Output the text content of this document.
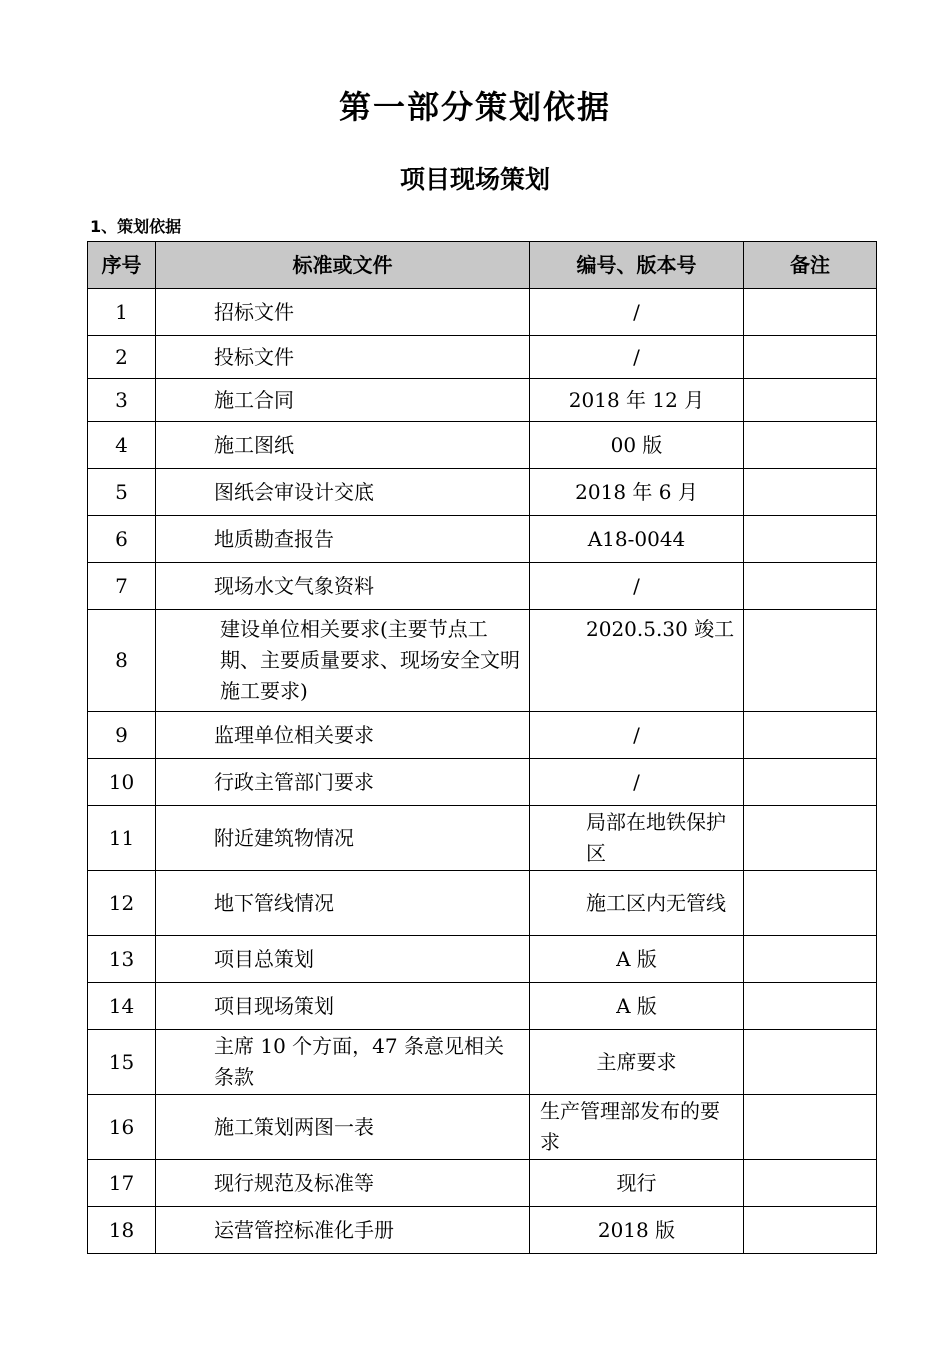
第一部分策划依据
项目现场策划
1、策划依据
序号	标准或文件	编号、版本号	备注
1	招标文件	/	
2	投标文件	/	
3	施工合同	2018 年 12 月	
4	施工图纸	00 版	
5	图纸会审设计交底	2018 年 6 月	
6	地质勘查报告	A18-0044	
7	现场水文气象资料	/	
8	建设单位相关要求(主要节点工期、主要质量要求、现场安全文明施工要求)	2020.5.30 竣工	

9	监理单位相关要求	/	
10	行政主管部门要求	/	
11	附近建筑物情况	局部在地铁保护区	

12	地下管线情况	施工区内无管线	

13	项目总策划	A 版	
14	项目现场策划	A 版	
15	主席 10 个方面，47 条意见相关条款	主席要求	
16	施工策划两图一表	生产管理部发布的要求	
17	现行规范及标准等	现行	
18	运营管控标准化手册	2018 版	
